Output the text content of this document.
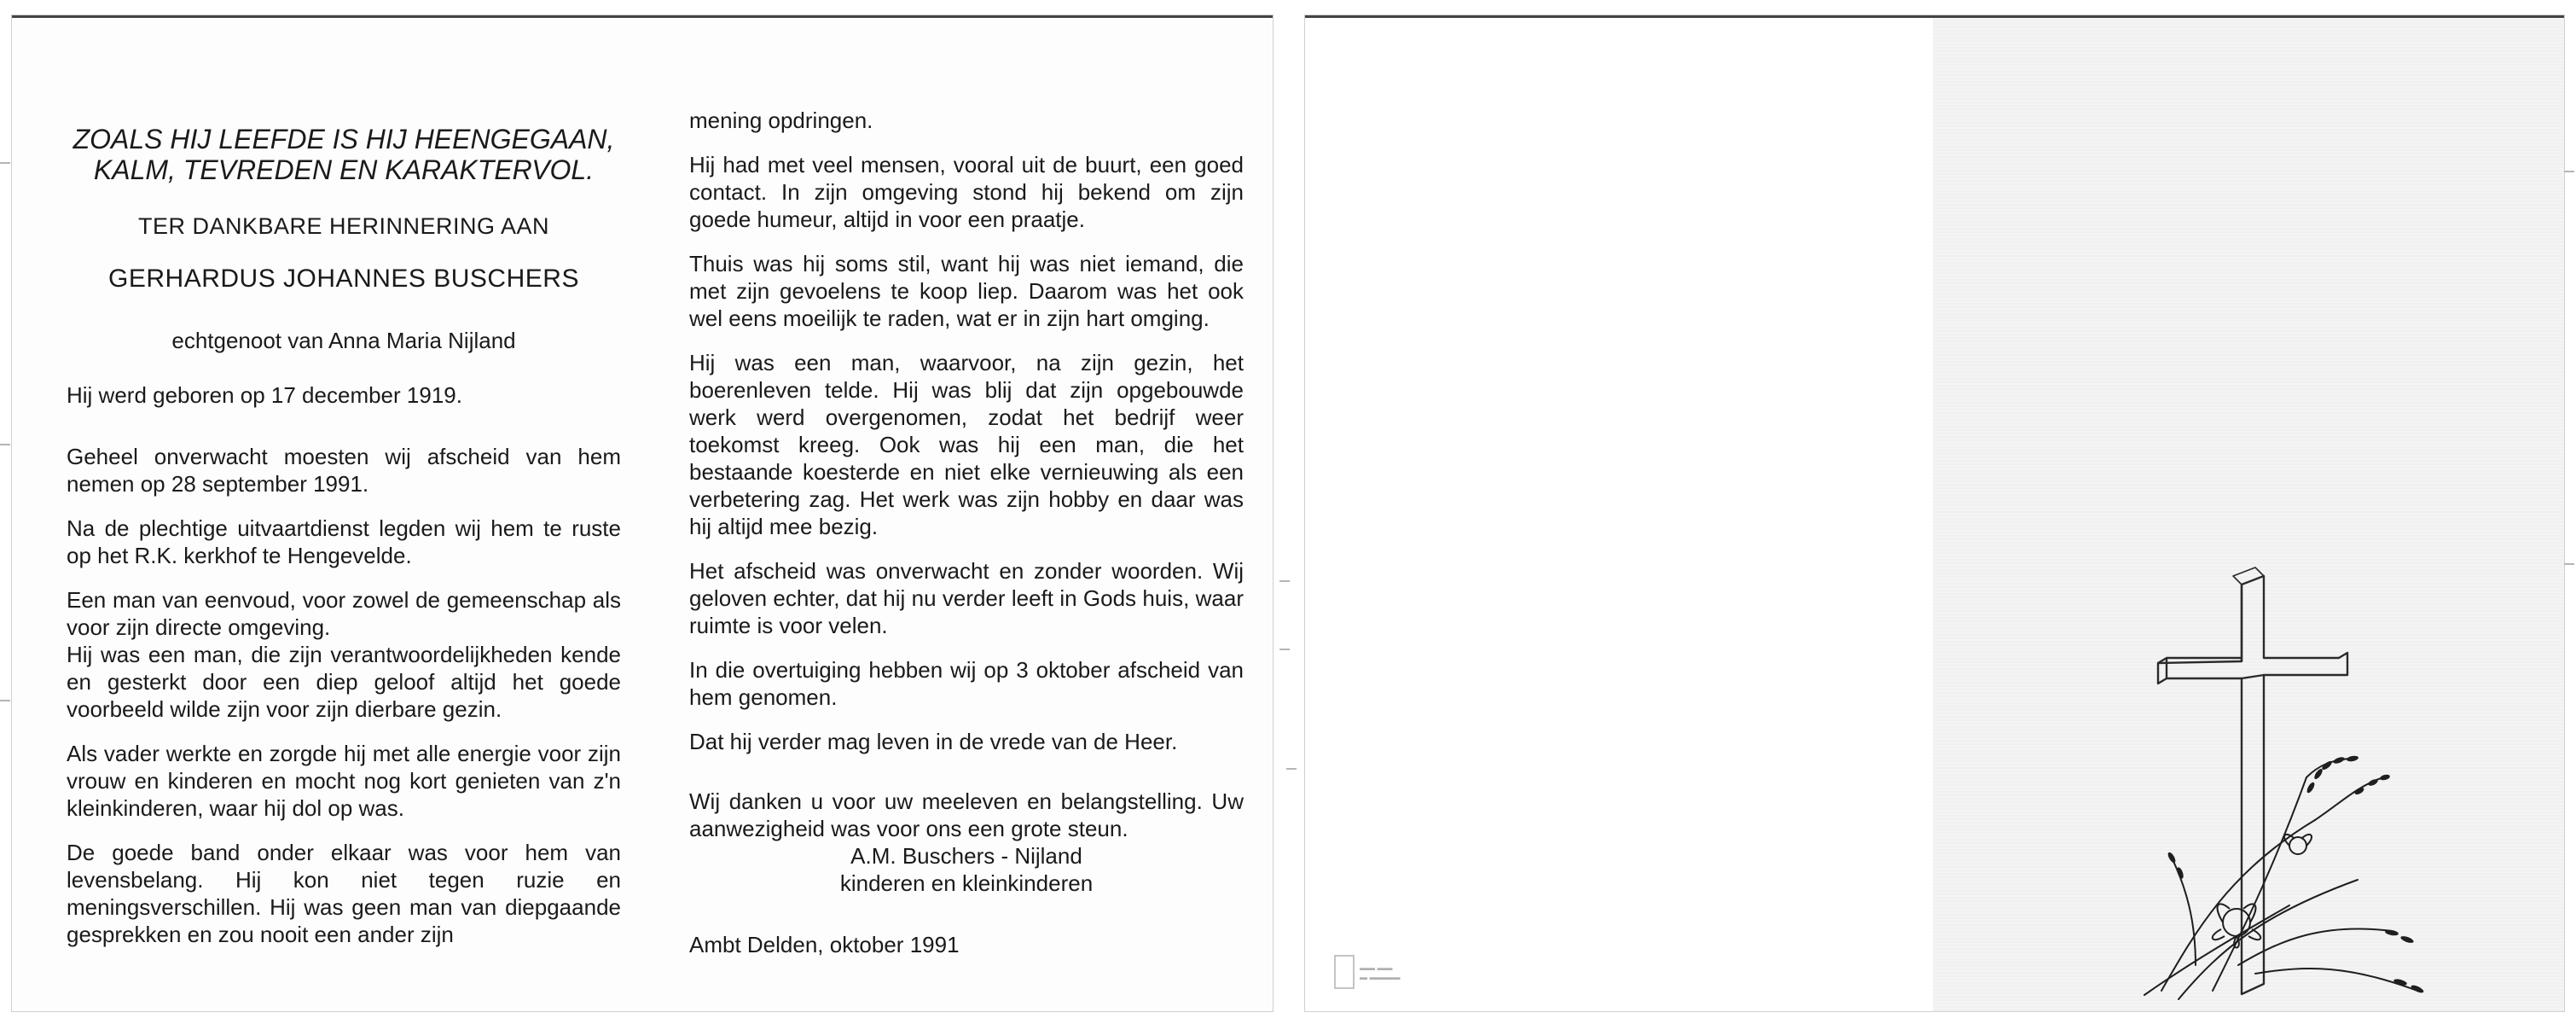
ZOALS HIJ LEEFDE IS HIJ HEENGEGAAN,
KALM, TEVREDEN EN KARAKTERVOL.
TER DANKBARE HERINNERING AAN
GERHARDUS JOHANNES BUSCHERS
echtgenoot van Anna Maria Nijland

Hij werd geboren op 17 december 1919.

Geheel onverwacht moesten wij afscheid van hem nemen op 28 september 1991.

Na de plechtige uitvaartdienst legden wij hem te ruste op het R.K. kerkhof te Hengevelde.

Een man van eenvoud, voor zowel de gemeenschap als voor zijn directe omgeving.

Hij was een man, die zijn verantwoordelijkheden kende en gesterkt door een diep geloof altijd het goede voorbeeld wilde zijn voor zijn dierbare gezin.

Als vader werkte en zorgde hij met alle energie voor zijn vrouw en kinderen en mocht nog kort genieten van z'n kleinkinderen, waar hij dol op was.

De goede band onder elkaar was voor hem van levensbelang. Hij kon niet tegen ruzie en meningsverschillen. Hij was geen man van diepgaande gesprekken en zou nooit een ander zijn

mening opdringen.

Hij had met veel mensen, vooral uit de buurt, een goed contact. In zijn omgeving stond hij bekend om zijn goede humeur, altijd in voor een praatje.

Thuis was hij soms stil, want hij was niet iemand, die met zijn gevoelens te koop liep. Daarom was het ook wel eens moeilijk te raden, wat er in zijn hart omging.

Hij was een man, waarvoor, na zijn gezin, het boerenleven telde. Hij was blij dat zijn opgebouwde werk werd overgenomen, zodat het bedrijf weer toekomst kreeg. Ook was hij een man, die het bestaande koesterde en niet elke vernieuwing als een verbetering zag. Het werk was zijn hobby en daar was hij altijd mee bezig.

Het afscheid was onverwacht en zonder woorden. Wij geloven echter, dat hij nu verder leeft in Gods huis, waar ruimte is voor velen.

In die overtuiging hebben wij op 3 oktober afscheid van hem genomen.

Dat hij verder mag leven in de vrede van de Heer.

Wij danken u voor uw meeleven en belangstelling. Uw aanwezigheid was voor ons een grote steun.

A.M. Buschers - Nijland
kinderen en kleinkinderen
Ambt Delden, oktober 1991
▬▬ ▬▬
▬ ▬▬▬▬
